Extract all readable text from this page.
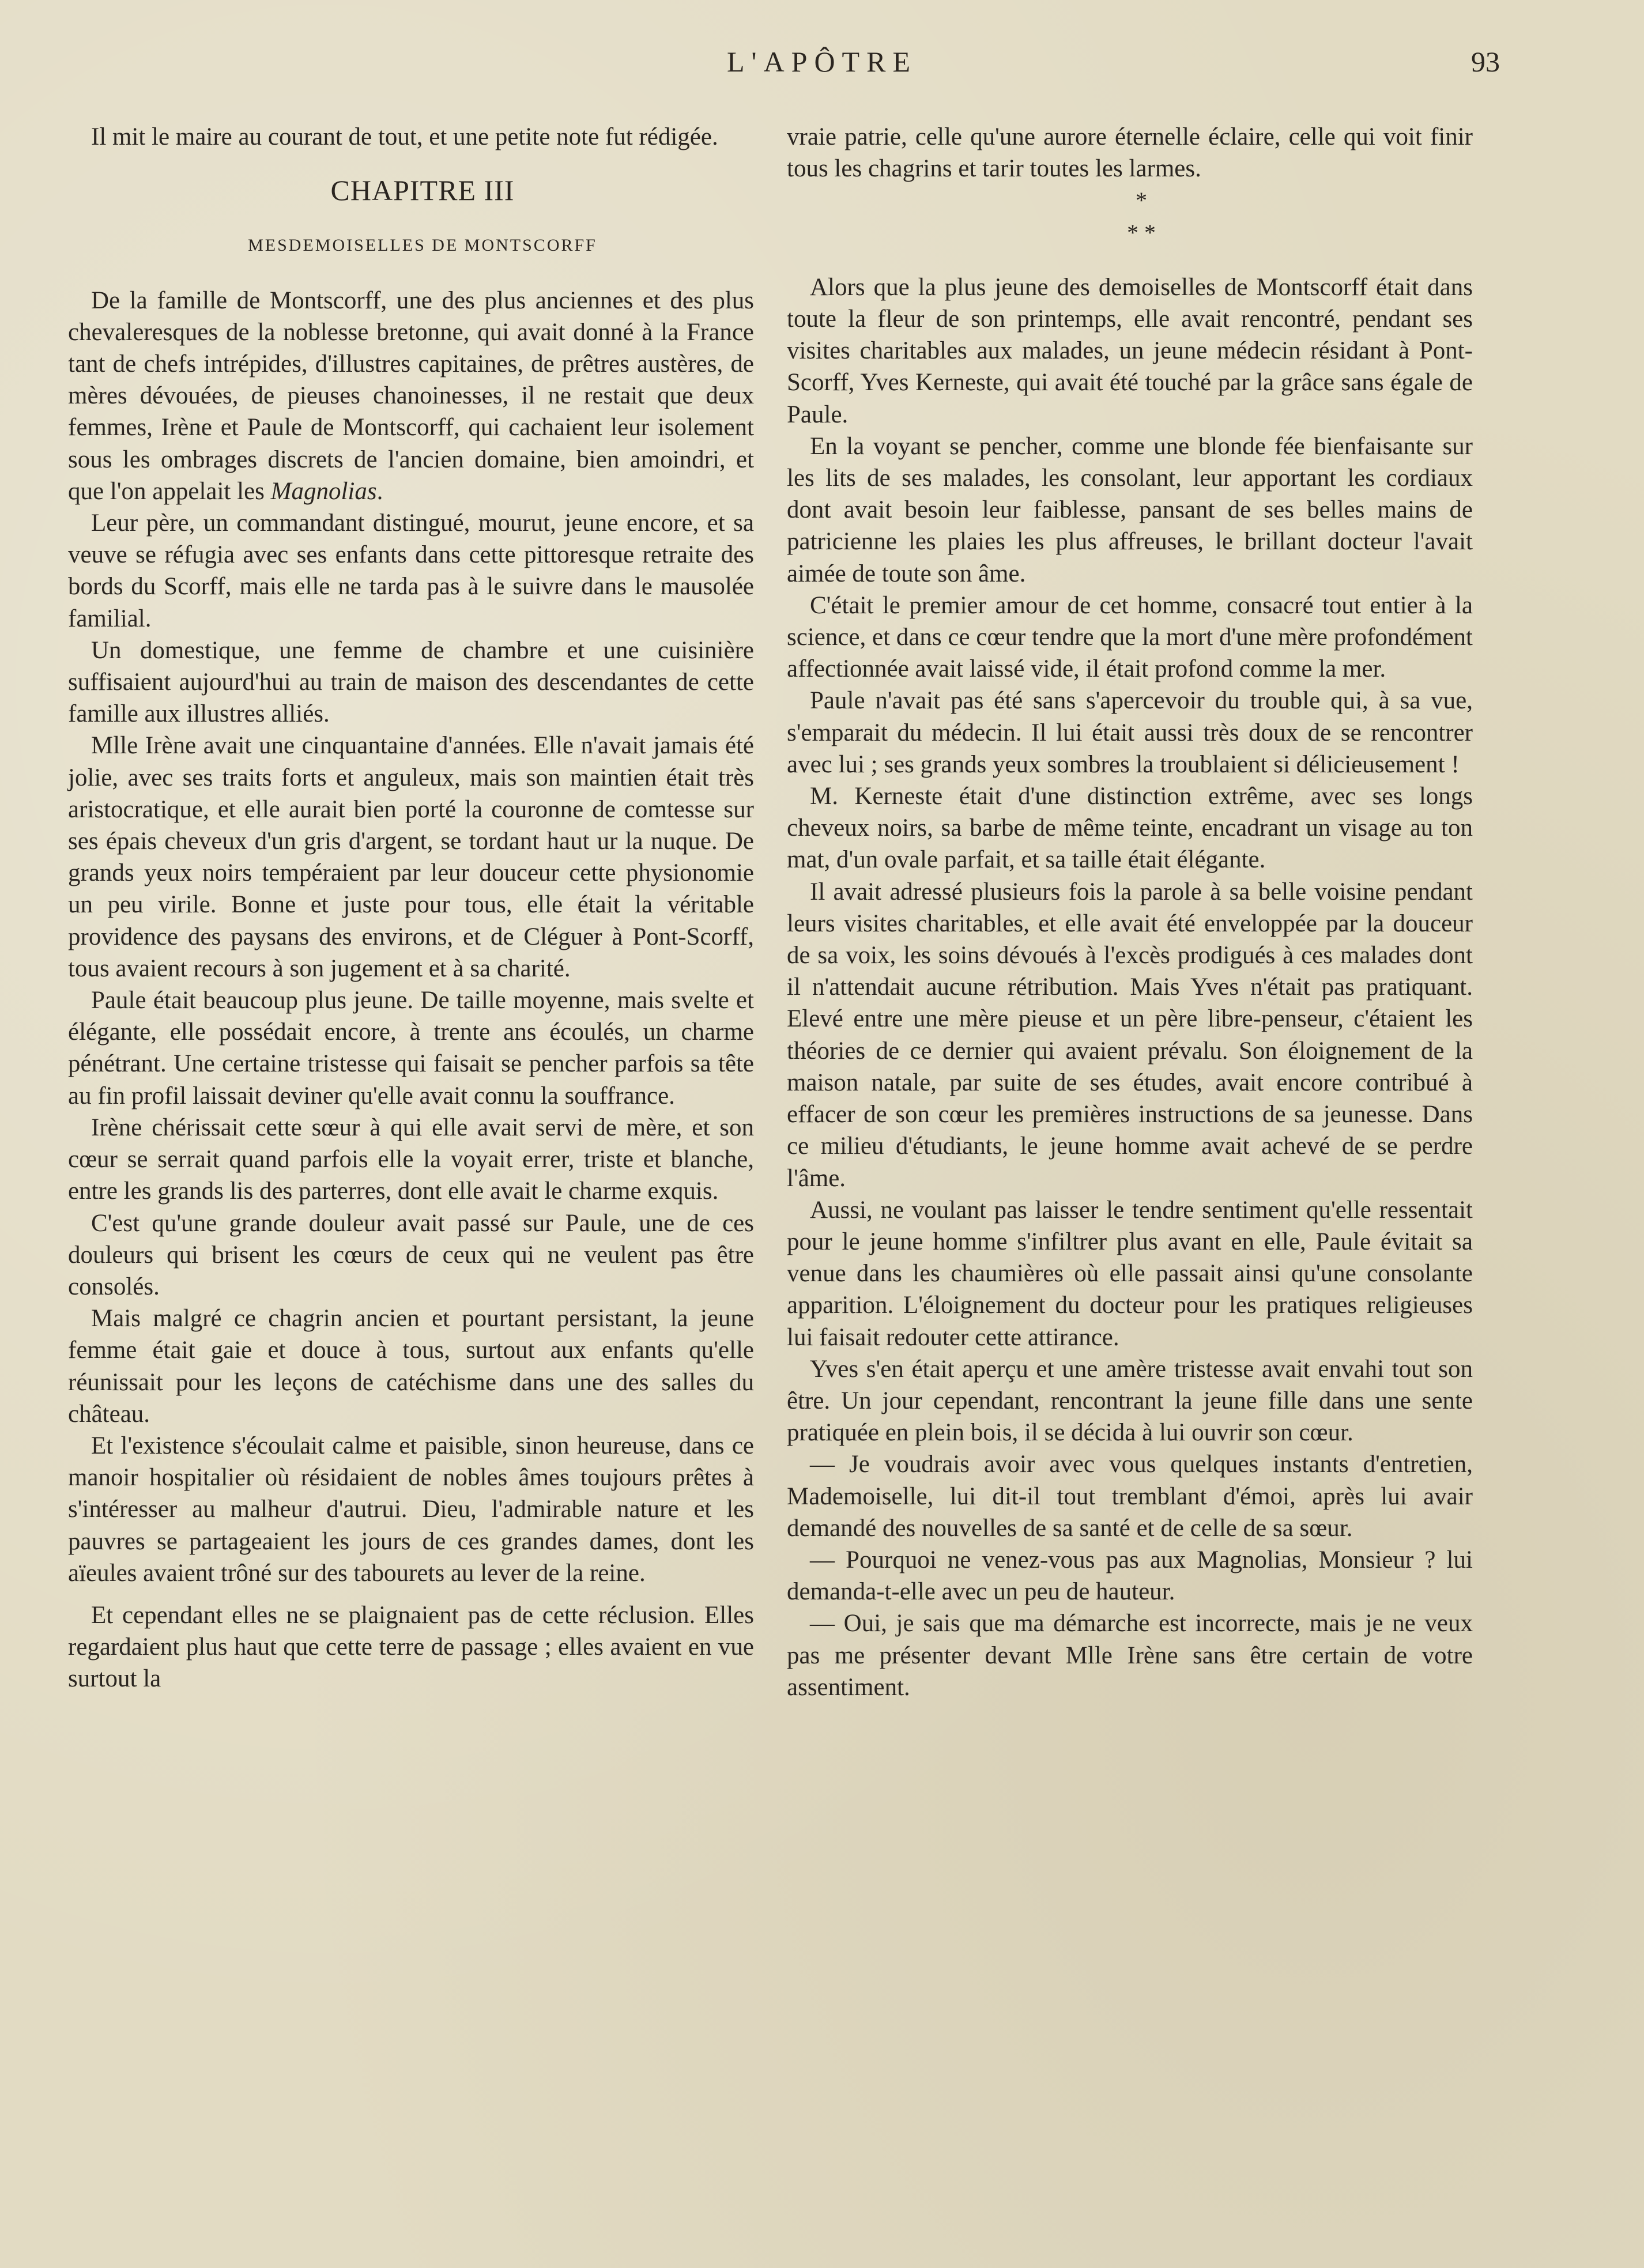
L'APÔTRE	93

Il mit le maire au courant de tout, et une petite note fut rédigée.

CHAPITRE III

MESDEMOISELLES DE MONTSCORFF

De la famille de Montscorff, une des plus anciennes et des plus chevaleresques de la noblesse bretonne, qui avait donné à la France tant de chefs intrépides, d'illustres capitaines, de prêtres austères, de mères dévouées, de pieuses chanoinesses, il ne restait que deux femmes, Irène et Paule de Montscorff, qui cachaient leur isolement sous les ombrages discrets de l'ancien domaine, bien amoindri, et que l'on appelait les Magnolias.

Leur père, un commandant distingué, mourut, jeune encore, et sa veuve se réfugia avec ses enfants dans cette pittoresque retraite des bords du Scorff, mais elle ne tarda pas à le suivre dans le mausolée familial.

Un domestique, une femme de chambre et une cuisinière suffisaient aujourd'hui au train de maison des descendantes de cette famille aux illustres alliés.

Mlle Irène avait une cinquantaine d'années. Elle n'avait jamais été jolie, avec ses traits forts et anguleux, mais son maintien était très aristocratique, et elle aurait bien porté la couronne de comtesse sur ses épais cheveux d'un gris d'argent, se tordant haut ur la nuque. De grands yeux noirs tempéraient par leur douceur cette physionomie un peu virile. Bonne et juste pour tous, elle était la véritable providence des paysans des environs, et de Cléguer à Pont-Scorff, tous avaient recours à son jugement et à sa charité.

Paule était beaucoup plus jeune. De taille moyenne, mais svelte et élégante, elle possédait encore, à trente ans écoulés, un charme pénétrant. Une certaine tristesse qui faisait se pencher parfois sa tête au fin profil laissait deviner qu'elle avait connu la souffrance.

Irène chérissait cette sœur à qui elle avait servi de mère, et son cœur se serrait quand parfois elle la voyait errer, triste et blanche, entre les grands lis des parterres, dont elle avait le charme exquis.

C'est qu'une grande douleur avait passé sur Paule, une de ces douleurs qui brisent les cœurs de ceux qui ne veulent pas être consolés.

Mais malgré ce chagrin ancien et pourtant persistant, la jeune femme était gaie et douce à tous, surtout aux enfants qu'elle réunissait pour les leçons de catéchisme dans une des salles du château.

Et l'existence s'écoulait calme et paisible, sinon heureuse, dans ce manoir hospitalier où résidaient de nobles âmes toujours prêtes à s'intéresser au malheur d'autrui. Dieu, l'admirable nature et les pauvres se partageaient les jours de ces grandes dames, dont les aïeules avaient trôné sur des tabourets au lever de la reine.

Et cependant elles ne se plaignaient pas de cette réclusion. Elles regardaient plus haut que cette terre de passage ; elles avaient en vue surtout la

vraie patrie, celle qu'une aurore éternelle éclaire, celle qui voit finir tous les chagrins et tarir toutes les larmes.

*

* *

Alors que la plus jeune des demoiselles de Montscorff était dans toute la fleur de son printemps, elle avait rencontré, pendant ses visites charitables aux malades, un jeune médecin résidant à Pont-Scorff, Yves Kerneste, qui avait été touché par la grâce sans égale de Paule.

En la voyant se pencher, comme une blonde fée bienfaisante sur les lits de ses malades, les consolant, leur apportant les cordiaux dont avait besoin leur faiblesse, pansant de ses belles mains de patricienne les plaies les plus affreuses, le brillant docteur l'avait aimée de toute son âme.

C'était le premier amour de cet homme, consacré tout entier à la science, et dans ce cœur tendre que la mort d'une mère profondément affectionnée avait laissé vide, il était profond comme la mer.

Paule n'avait pas été sans s'apercevoir du trouble qui, à sa vue, s'emparait du médecin. Il lui était aussi très doux de se rencontrer avec lui ; ses grands yeux sombres la troublaient si délicieusement !

M. Kerneste était d'une distinction extrême, avec ses longs cheveux noirs, sa barbe de même teinte, encadrant un visage au ton mat, d'un ovale parfait, et sa taille était élégante.

Il avait adressé plusieurs fois la parole à sa belle voisine pendant leurs visites charitables, et elle avait été enveloppée par la douceur de sa voix, les soins dévoués à l'excès prodigués à ces malades dont il n'attendait aucune rétribution. Mais Yves n'était pas pratiquant. Elevé entre une mère pieuse et un père libre-penseur, c'étaient les théories de ce dernier qui avaient prévalu. Son éloignement de la maison natale, par suite de ses études, avait encore contribué à effacer de son cœur les premières instructions de sa jeunesse. Dans ce milieu d'étudiants, le jeune homme avait achevé de se perdre l'âme.

Aussi, ne voulant pas laisser le tendre sentiment qu'elle ressentait pour le jeune homme s'infiltrer plus avant en elle, Paule évitait sa venue dans les chaumières où elle passait ainsi qu'une consolante apparition. L'éloignement du docteur pour les pratiques religieuses lui faisait redouter cette attirance.

Yves s'en était aperçu et une amère tristesse avait envahi tout son être. Un jour cependant, rencontrant la jeune fille dans une sente pratiquée en plein bois, il se décida à lui ouvrir son cœur.

— Je voudrais avoir avec vous quelques instants d'entretien, Mademoiselle, lui dit-il tout tremblant d'émoi, après lui avair demandé des nouvelles de sa santé et de celle de sa sœur.

— Pourquoi ne venez-vous pas aux Magnolias, Monsieur ? lui demanda-t-elle avec un peu de hauteur.

— Oui, je sais que ma démarche est incorrecte, mais je ne veux pas me présenter devant Mlle Irène sans être certain de votre assentiment.
